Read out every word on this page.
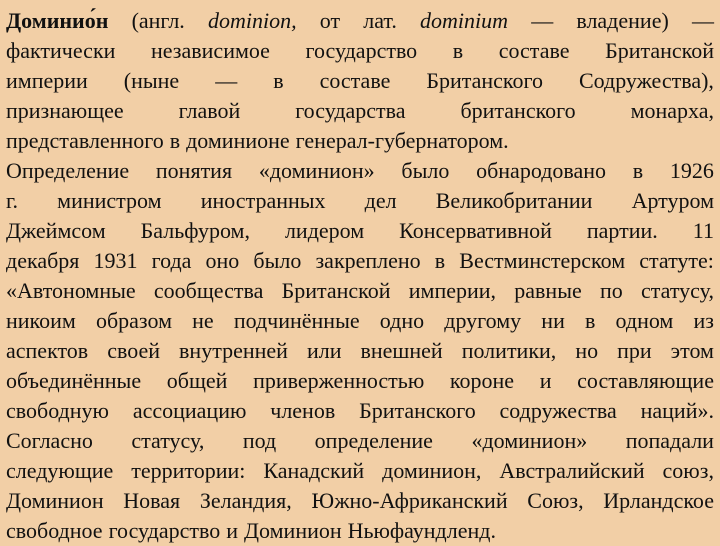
Доминио́н (англ. dominion, от лат. dominium — владение) —
фактически независимое государство в составе Британской
империи (ныне — в составе Британского Содружества),
признающее главой государства британского монарха,
представленного в доминионе генерал-губернатором.
Определение понятия «доминион» было обнародовано в 1926
г. министром иностранных дел Великобритании Артуром
Джеймсом Бальфуром, лидером Консервативной партии. 11
декабря 1931 года оно было закреплено в Вестминстерском статуте:
«Автономные сообщества Британской империи, равные по статусу,
никоим образом не подчинённые одно другому ни в одном из
аспектов своей внутренней или внешней политики, но при этом
объединённые общей приверженностью короне и составляющие
свободную ассоциацию членов Британского содружества наций».
Согласно статусу, под определение «доминион» попадали
следующие территории: Канадский доминион, Австралийский союз,
Доминион Новая Зеландия, Южно-Африканский Союз, Ирландское
свободное государство и Доминион Ньюфаундленд.
